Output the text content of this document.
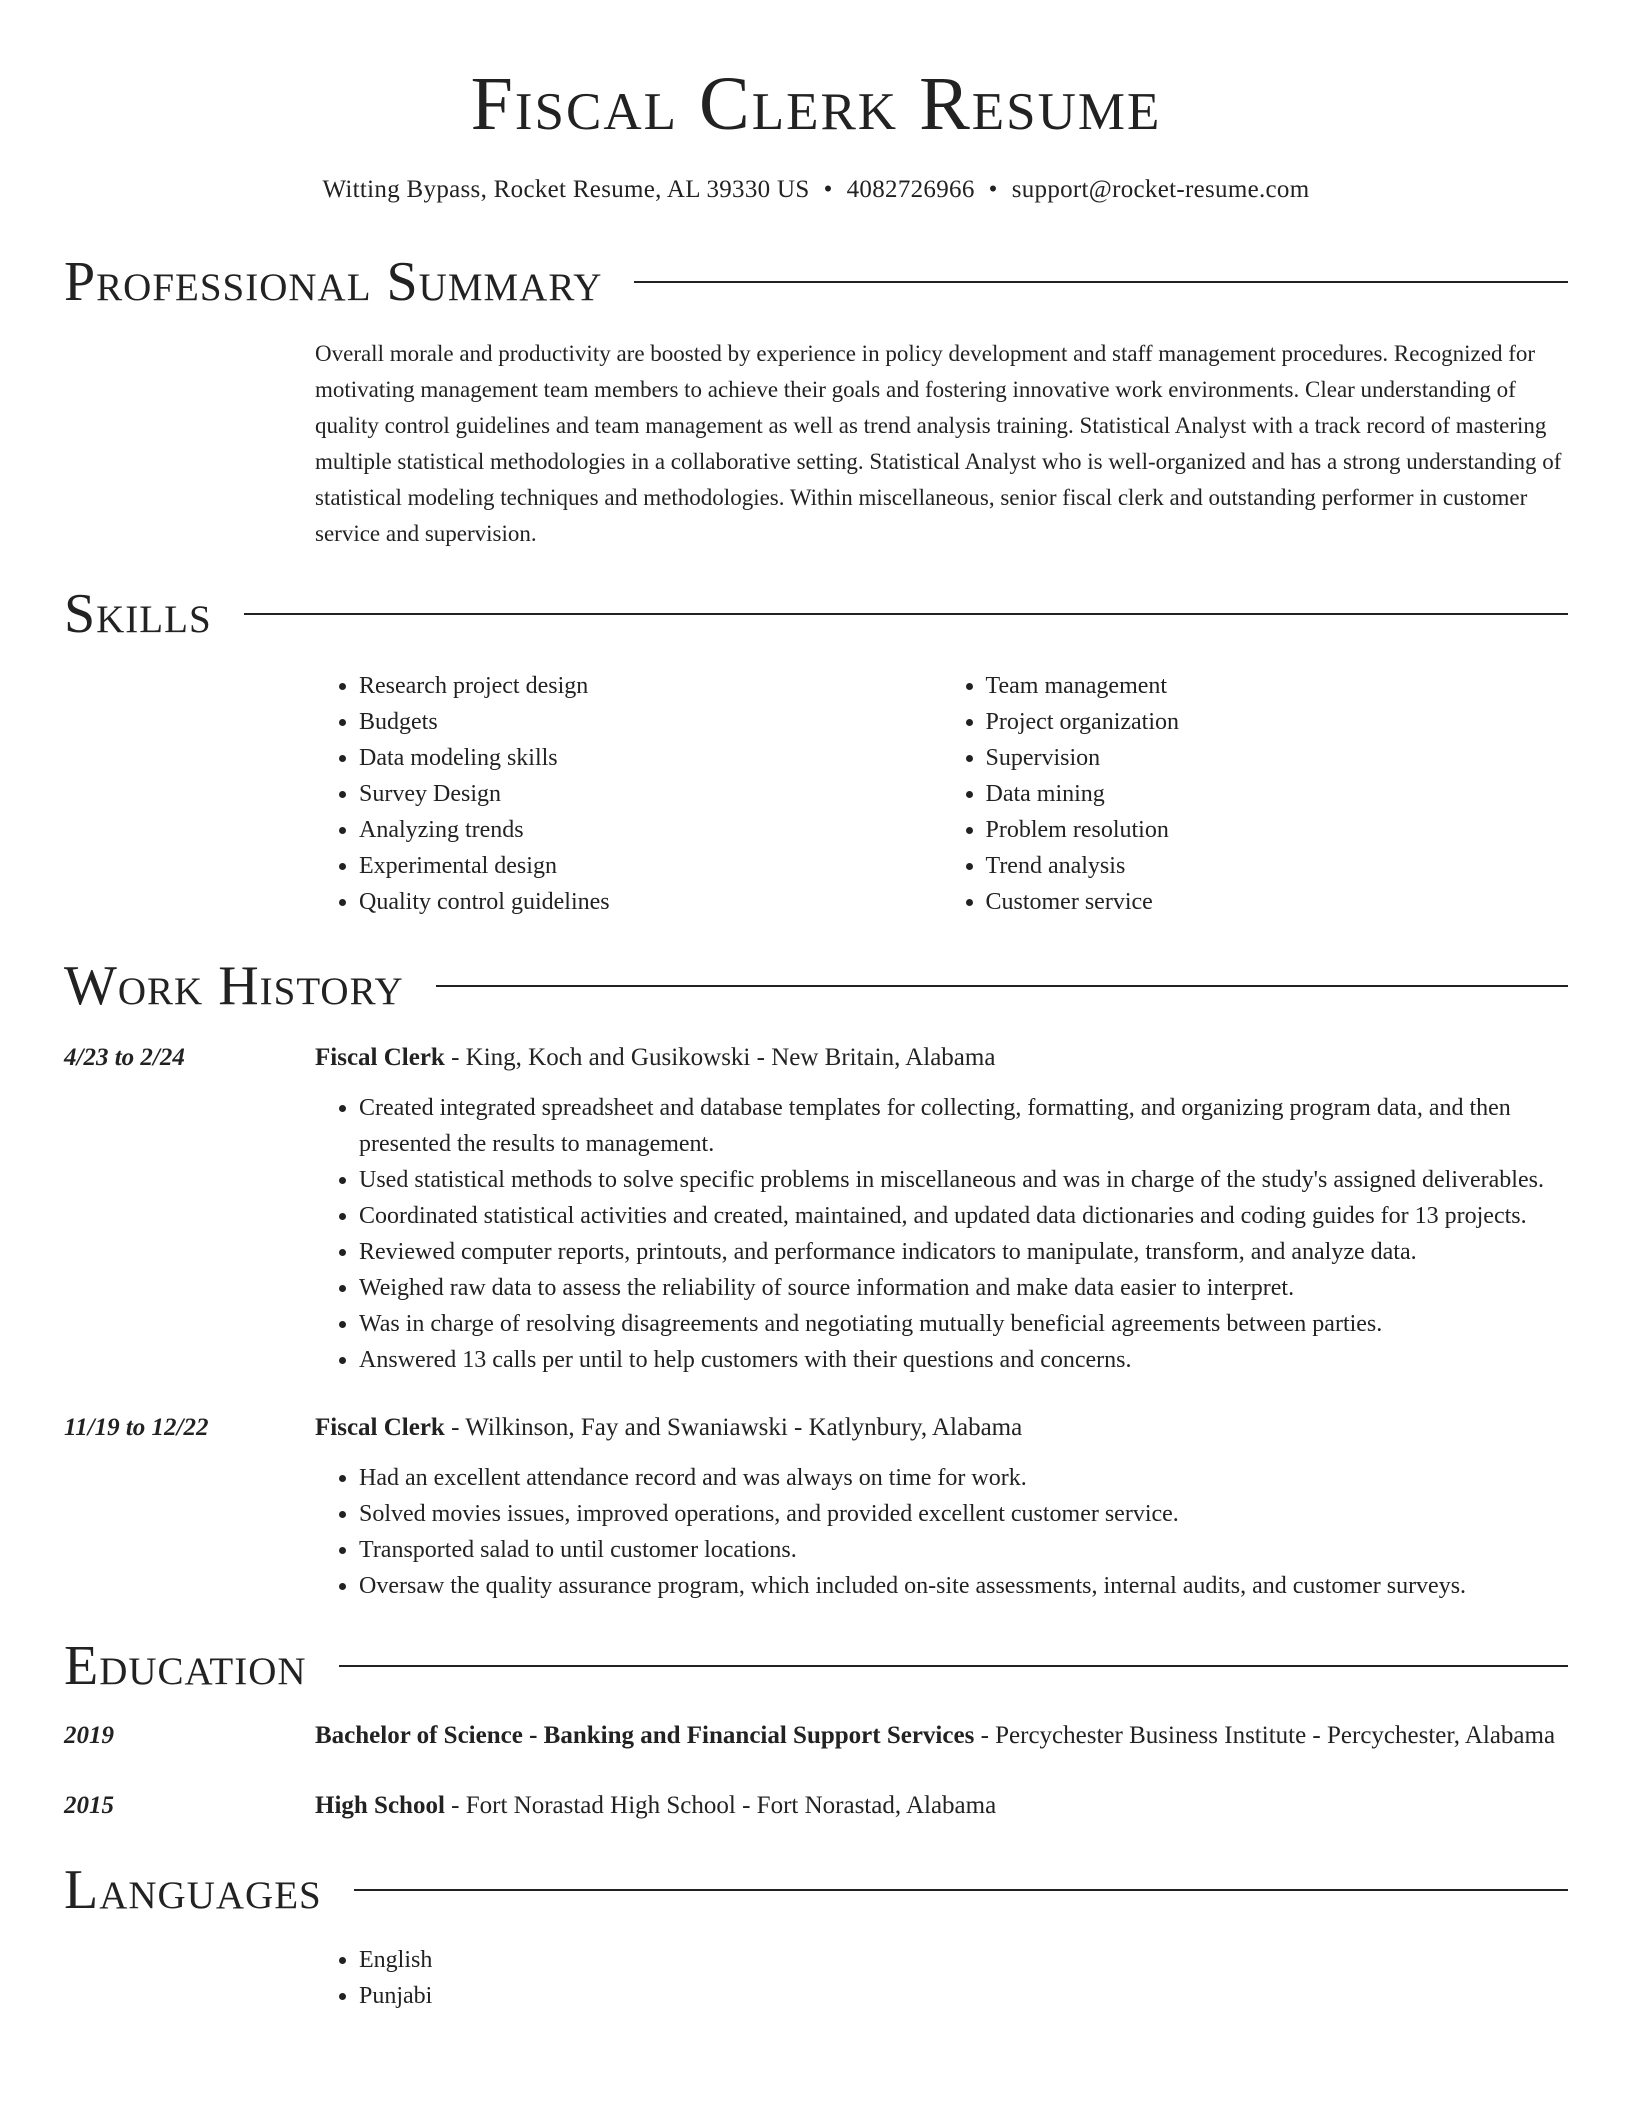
Fiscal Clerk Resume
Witting Bypass, Rocket Resume, AL 39330 US • 4082726966 • support@rocket-resume.com
Professional Summary

Overall morale and productivity are boosted by experience in policy development and staff management procedures. Recognized for motivating management team members to achieve their goals and fostering innovative work environments. Clear understanding of quality control guidelines and team management as well as trend analysis training. Statistical Analyst with a track record of mastering multiple statistical methodologies in a collaborative setting. Statistical Analyst who is well-organized and has a strong understanding of statistical modeling techniques and methodologies. Within miscellaneous, senior fiscal clerk and outstanding performer in customer service and supervision.

Skills
• Research project design
• Budgets
• Data modeling skills
• Survey Design
• Analyzing trends
• Experimental design
• Quality control guidelines
• Team management
• Project organization
• Supervision
• Data mining
• Problem resolution
• Trend analysis
• Customer service
Work History
4/23 to 2/24	Fiscal Clerk - King, Koch and Gusikowski - New Britain, Alabama
• Created integrated spreadsheet and database templates for collecting, formatting, and organizing program data, and then presented the results to management.
• Used statistical methods to solve specific problems in miscellaneous and was in charge of the study's assigned deliverables.
• Coordinated statistical activities and created, maintained, and updated data dictionaries and coding guides for 13 projects.
• Reviewed computer reports, printouts, and performance indicators to manipulate, transform, and analyze data.
• Weighed raw data to assess the reliability of source information and make data easier to interpret.
• Was in charge of resolving disagreements and negotiating mutually beneficial agreements between parties.
• Answered 13 calls per until to help customers with their questions and concerns.
11/19 to 12/22	Fiscal Clerk - Wilkinson, Fay and Swaniawski - Katlynbury, Alabama
• Had an excellent attendance record and was always on time for work.
• Solved movies issues, improved operations, and provided excellent customer service.
• Transported salad to until customer locations.
• Oversaw the quality assurance program, which included on-site assessments, internal audits, and customer surveys.
Education
2019	Bachelor of Science - Banking and Financial Support Services - Percychester Business Institute - Percychester, Alabama
2015	High School - Fort Norastad High School - Fort Norastad, Alabama
Languages
• English
• Punjabi
